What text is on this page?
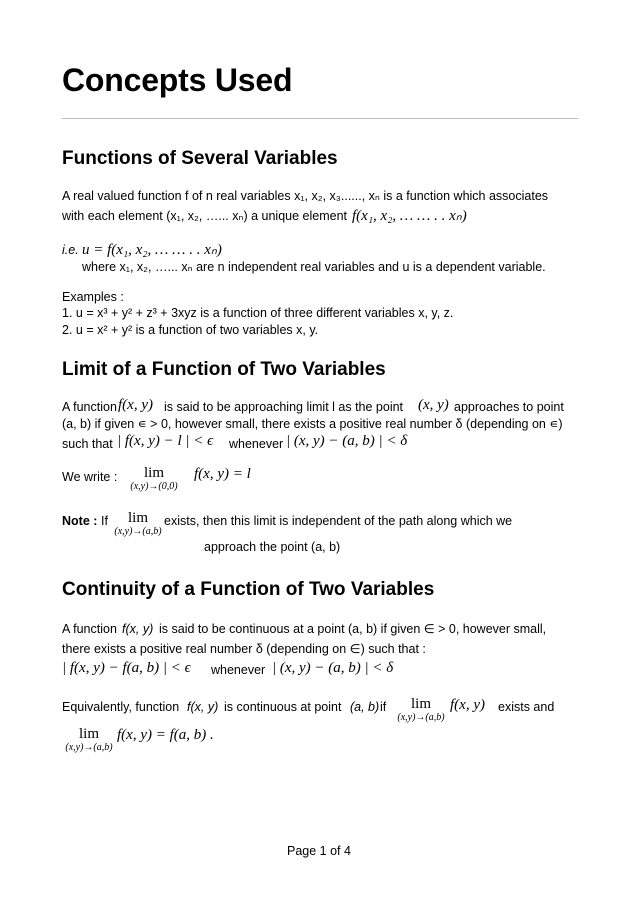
Concepts Used
Functions of Several Variables
A real valued function f of n real variables x₁, x₂, x₃......, xₙ is a function which associates
with each element (x₁, x₂, …... xₙ) a unique element f(x₁, x₂, … … . . xₙ)
i.e. u = f(x₁, x₂, … … . . xₙ)
where x₁, x₂, …... xₙ are n independent real variables and u is a dependent variable.
Examples :
1. u = x³ + y² + z³ + 3xyz is a function of three different variables x, y, z.
2. u = x² + y² is a function of two variables x, y.
Limit of a Function of Two Variables
A function f(x, y) is said to be approaching limit l as the point (x, y) approaches to point
(a, b) if given ∊ > 0, however small, there exists a positive real number δ (depending on ∊)
such that | f(x, y) − l | < ϵ whenever | (x, y) − (a, b) | < δ
We write :	lim
(x,y)→(0,0)
f(x, y) = l
Note : If	lim
(x,y)→(a,b)
exists, then this limit is independent of the path along which we
approach the point (a, b)
Continuity of a Function of Two Variables
A function f(x, y) is said to be continuous at a point (a, b) if given ∈ > 0, however small,
there exists a positive real number δ (depending on ∈) such that :
| f(x, y) − f(a, b) | < ϵ whenever | (x, y) − (a, b) | < δ
Equivalently, function f(x, y) is continuous at point (a, b) if	lim
(x,y)→(a,b)
f(x, y) exists and
lim
(x,y)→(a,b)
f(x, y) = f(a, b) .
Page 1 of 4
